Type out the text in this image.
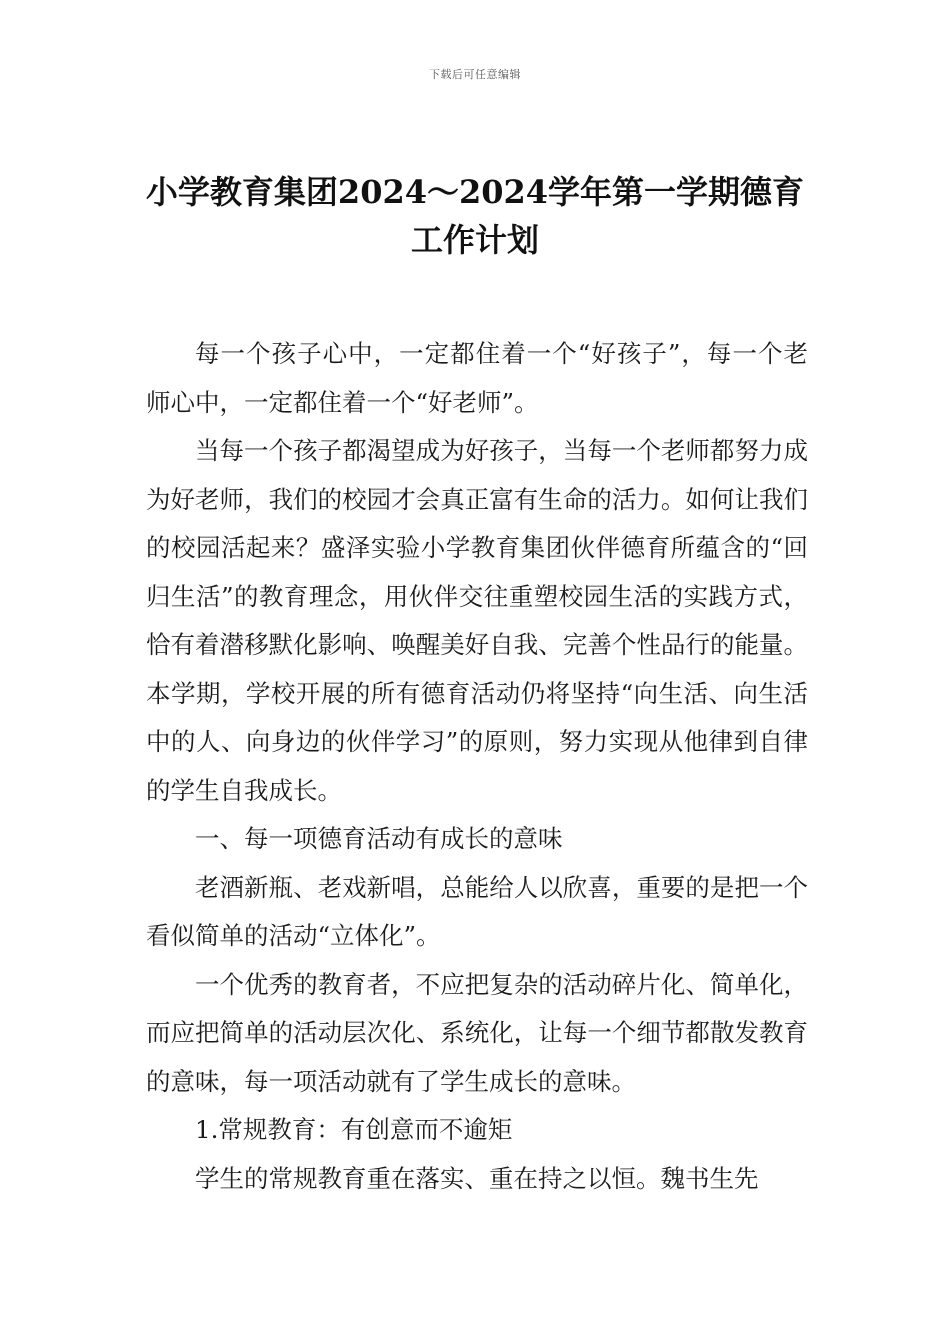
下载后可任意编辑
小学教育集团2024～2024学年第一学期德育工作计划

每一个孩子心中，一定都住着一个“好孩子”，每一个老师心中，一定都住着一个“好老师”。

当每一个孩子都渴望成为好孩子，当每一个老师都努力成为好老师，我们的校园才会真正富有生命的活力。如何让我们的校园活起来？盛泽实验小学教育集团伙伴德育所蕴含的“回归生活”的教育理念，用伙伴交往重塑校园生活的实践方式，恰有着潜移默化影响、唤醒美好自我、完善个性品行的能量。本学期，学校开展的所有德育活动仍将坚持“向生活、向生活中的人、向身边的伙伴学习”的原则，努力实现从他律到自律的学生自我成长。

一、每一项德育活动有成长的意味

老酒新瓶、老戏新唱，总能给人以欣喜，重要的是把一个看似简单的活动“立体化”。

一个优秀的教育者，不应把复杂的活动碎片化、简单化，而应把简单的活动层次化、系统化，让每一个细节都散发教育的意味，每一项活动就有了学生成长的意味。

1.常规教育：有创意而不逾矩

学生的常规教育重在落实、重在持之以恒。魏书生先
